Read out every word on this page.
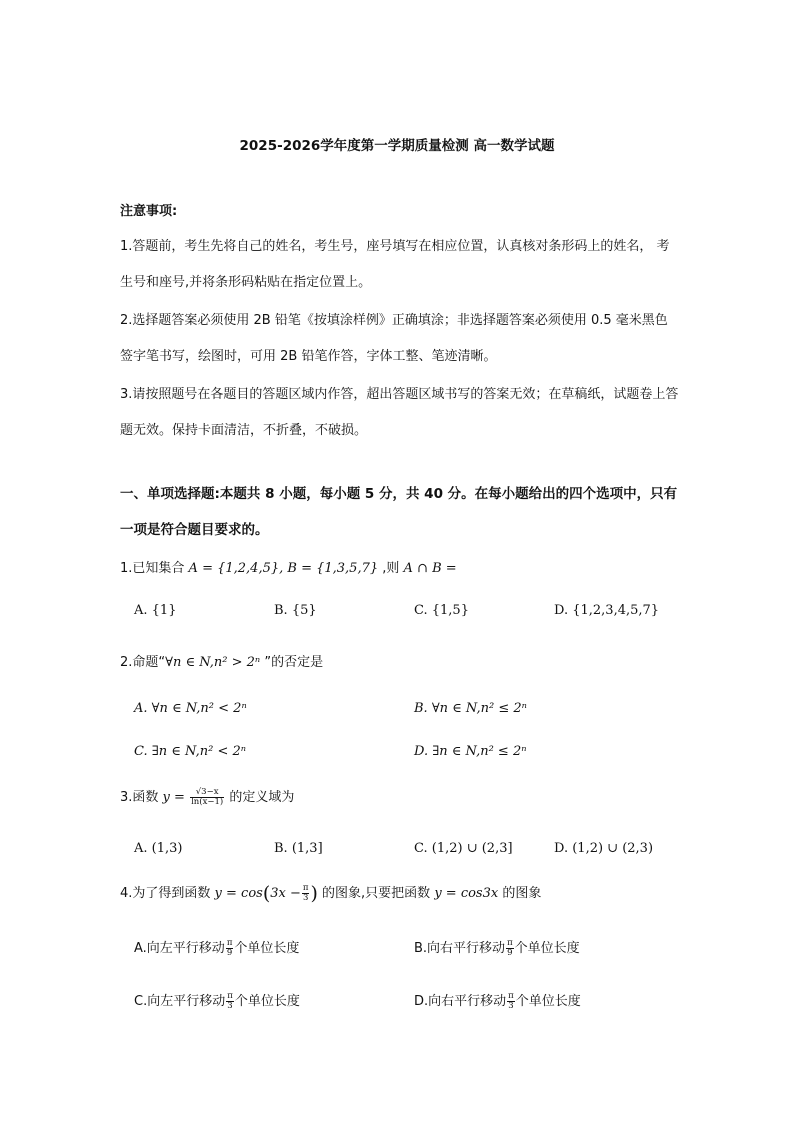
2025-2026学年度第一学期质量检测 高一数学试题
注意事项:
1.答题前，考生先将自己的姓名，考生号，座号填写在相应位置，认真核对条形码上的姓名， 考生号和座号,并将条形码粘贴在指定位置上。
2.选择题答案必须使用 2B 铅笔《按填涂样例》正确填涂；非选择题答案必须使用 0.5 毫米黑色签字笔书写，绘图时，可用 2B 铅笔作答，字体工整、笔迹清晰。
3.请按照题号在各题目的答题区域内作答，超出答题区域书写的答案无效；在草稿纸，试题卷上答题无效。保持卡面清洁，不折叠，不破损。
一、单项选择题:本题共 8 小题，每小题 5 分，共 40 分。在每小题给出的四个选项中，只有一项是符合题目要求的。
1.已知集合 A = {1,2,4,5}, B = {1,3,5,7} ,则 A ∩ B =
A. {1}	B. {5}	C. {1,5}	D. {1,2,3,4,5,7}
2.命题“∀n ∈ N,n² > 2ⁿ ”的否定是
A. ∀n ∈ N,n² < 2ⁿ	B. ∀n ∈ N,n² ≤ 2ⁿ
C. ∃n ∈ N,n² < 2ⁿ	D. ∃n ∈ N,n² ≤ 2ⁿ
3.函数 $y = \frac{√3-x}{\ln(x-1)}$ 的定义域为
A. (1,3)	B. (1,3]	C. (1,2) ∪ (2,3]	D. (1,2) ∪ (2,3)
4.为了得到函数 $y = \cos(3x - \frac{\pi}{3}$ ) 的图象,只要把函数 y = cos3x 的图象
A.向左平行移动 $\frac{\pi}{9}$ 个单位长度	B.向右平行移动 $\frac{\pi}{9}$ 个单位长度
C.向左平行移动 $\frac{\pi}{3}$ 个单位长度	D.向右平行移动 $\frac{\pi}{3}$ 个单位长度
